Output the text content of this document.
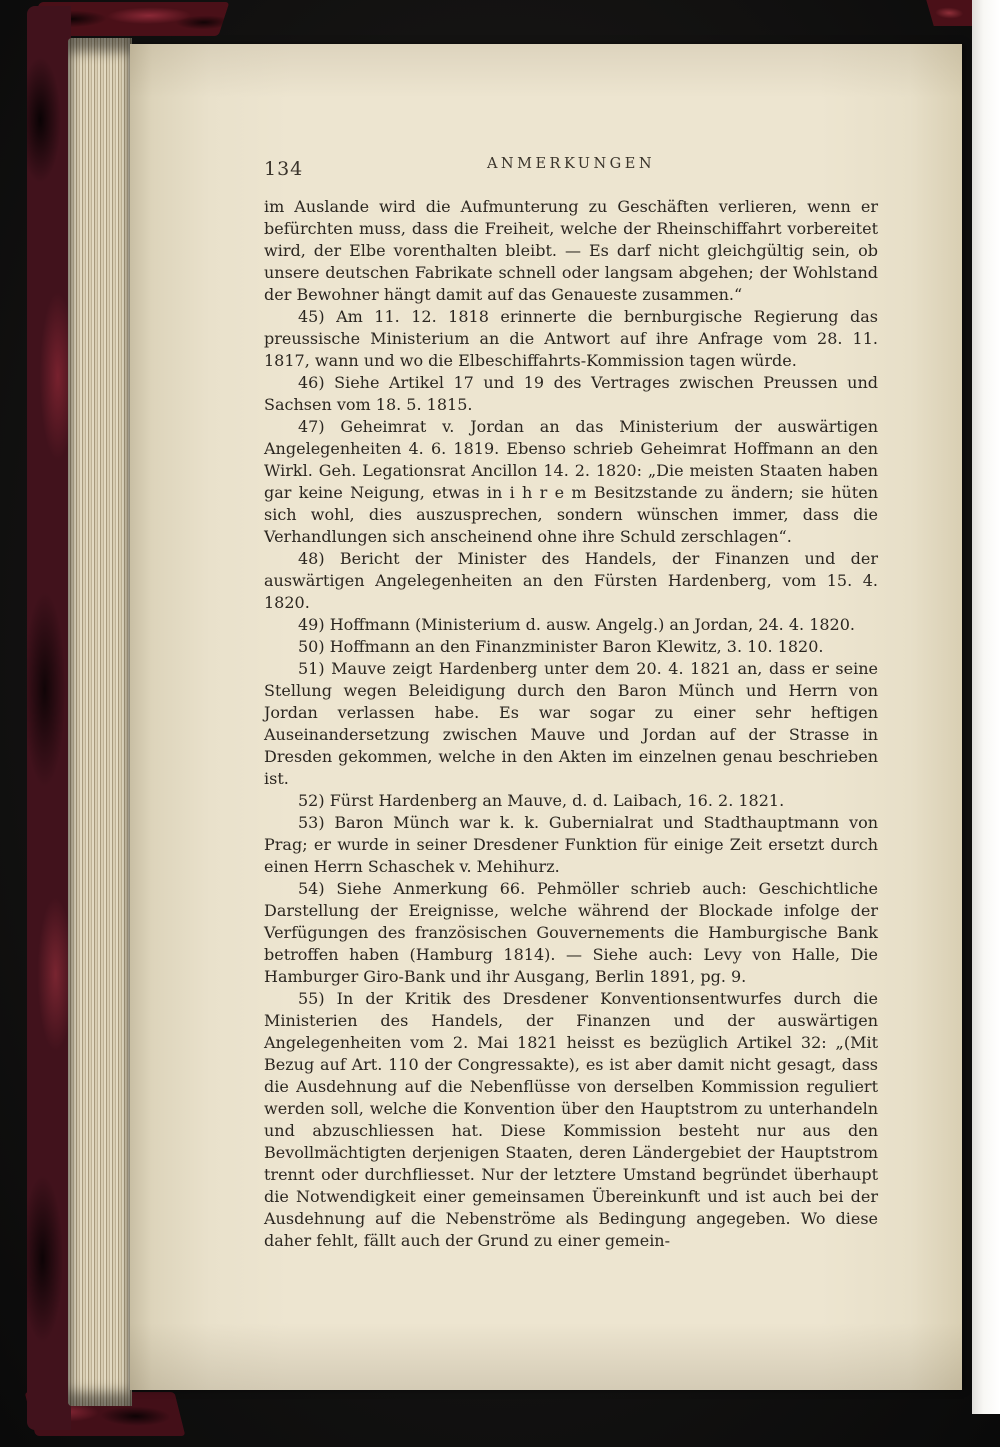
134	ANMERKUNGEN

im Auslande wird die Aufmunterung zu Geschäften verlieren, wenn er befürchten muss, dass die Freiheit, welche der Rheinschiffahrt vorbereitet wird, der Elbe vorenthalten bleibt. — Es darf nicht gleichgültig sein, ob unsere deutschen Fabrikate schnell oder langsam abgehen; der Wohlstand der Bewohner hängt damit auf das Genaueste zusammen.“

45) Am 11. 12. 1818 erinnerte die bernburgische Regierung das preussische Ministerium an die Antwort auf ihre Anfrage vom 28. 11. 1817, wann und wo die Elbeschiffahrts-Kommission tagen würde.

46) Siehe Artikel 17 und 19 des Vertrages zwischen Preussen und Sachsen vom 18. 5. 1815.

47) Geheimrat v. Jordan an das Ministerium der auswärtigen Angelegenheiten 4. 6. 1819. Ebenso schrieb Geheimrat Hoffmann an den Wirkl. Geh. Legationsrat Ancillon 14. 2. 1820: „Die meisten Staaten haben gar keine Neigung, etwas in i h r e m Besitzstande zu ändern; sie hüten sich wohl, dies auszusprechen, sondern wünschen immer, dass die Verhandlungen sich anscheinend ohne ihre Schuld zerschlagen“.

48) Bericht der Minister des Handels, der Finanzen und der auswärtigen Angelegenheiten an den Fürsten Hardenberg, vom 15. 4. 1820.

49) Hoffmann (Ministerium d. ausw. Angelg.) an Jordan, 24. 4. 1820.

50) Hoffmann an den Finanzminister Baron Klewitz, 3. 10. 1820.

51) Mauve zeigt Hardenberg unter dem 20. 4. 1821 an, dass er seine Stellung wegen Beleidigung durch den Baron Münch und Herrn von Jordan verlassen habe. Es war sogar zu einer sehr heftigen Auseinandersetzung zwischen Mauve und Jordan auf der Strasse in Dresden gekommen, welche in den Akten im einzelnen genau beschrieben ist.

52) Fürst Hardenberg an Mauve, d. d. Laibach, 16. 2. 1821.

53) Baron Münch war k. k. Gubernialrat und Stadthauptmann von Prag; er wurde in seiner Dresdener Funktion für einige Zeit ersetzt durch einen Herrn Schaschek v. Mehihurz.

54) Siehe Anmerkung 66. Pehmöller schrieb auch: Geschichtliche Darstellung der Ereignisse, welche während der Blockade infolge der Verfügungen des französischen Gouvernements die Hamburgische Bank betroffen haben (Hamburg 1814). — Siehe auch: Levy von Halle, Die Hamburger Giro-Bank und ihr Ausgang, Berlin 1891, pg. 9.

55) In der Kritik des Dresdener Konventionsentwurfes durch die Ministerien des Handels, der Finanzen und der auswärtigen Angelegenheiten vom 2. Mai 1821 heisst es bezüglich Artikel 32: „(Mit Bezug auf Art. 110 der Congressakte), es ist aber damit nicht gesagt, dass die Ausdehnung auf die Nebenflüsse von derselben Kommission reguliert werden soll, welche die Konvention über den Hauptstrom zu unterhandeln und abzuschliessen hat. Diese Kommission besteht nur aus den Bevollmächtigten derjenigen Staaten, deren Ländergebiet der Hauptstrom trennt oder durchfliesset. Nur der letztere Umstand begründet überhaupt die Notwendigkeit einer gemeinsamen Übereinkunft und ist auch bei der Ausdehnung auf die Nebenströme als Bedingung angegeben. Wo diese daher fehlt, fällt auch der Grund zu einer gemein-
